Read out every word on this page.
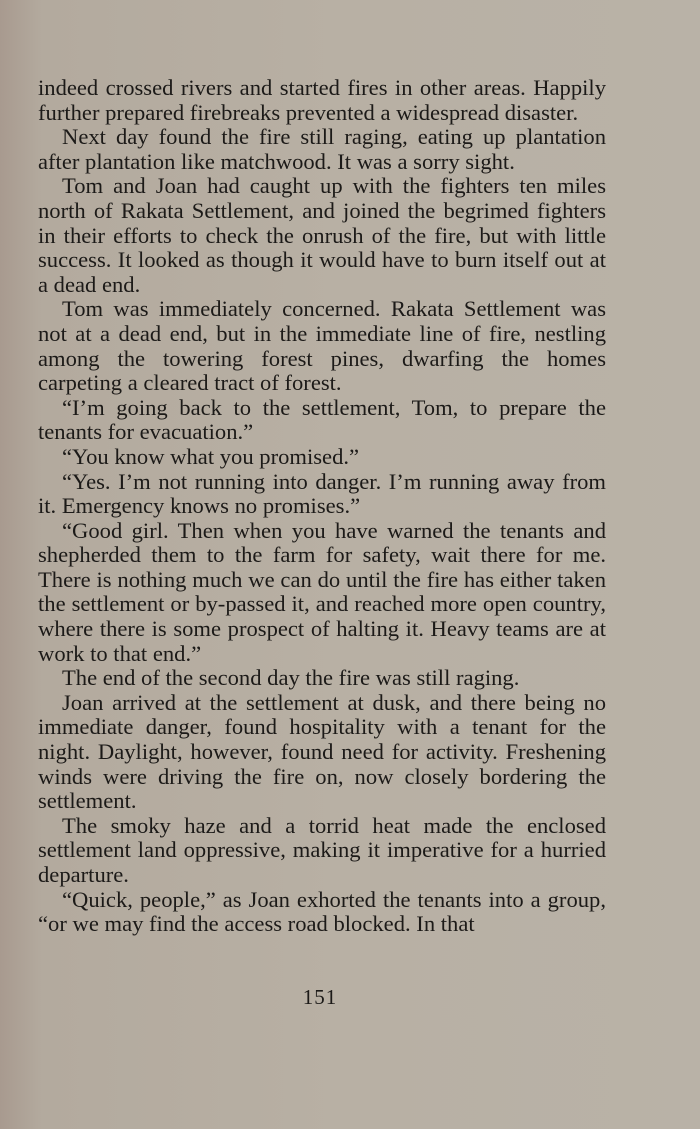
indeed crossed rivers and started fires in other areas. Happily further prepared firebreaks prevented a widespread disaster.

Next day found the fire still raging, eating up plantation after plantation like matchwood. It was a sorry sight.

Tom and Joan had caught up with the fighters ten miles north of Rakata Settlement, and joined the begrimed fighters in their efforts to check the onrush of the fire, but with little success. It looked as though it would have to burn itself out at a dead end.

Tom was immediately concerned. Rakata Settlement was not at a dead end, but in the immediate line of fire, nestling among the towering forest pines, dwarfing the homes carpeting a cleared tract of forest.

“I’m going back to the settlement, Tom, to prepare the tenants for evacuation.”

“You know what you promised.”

“Yes. I’m not running into danger. I’m running away from it. Emergency knows no promises.”

“Good girl. Then when you have warned the tenants and shepherded them to the farm for safety, wait there for me. There is nothing much we can do until the fire has either taken the settlement or by-passed it, and reached more open country, where there is some prospect of halting it. Heavy teams are at work to that end.”

The end of the second day the fire was still raging.

Joan arrived at the settlement at dusk, and there being no immediate danger, found hospitality with a tenant for the night. Daylight, however, found need for activity. Freshening winds were driving the fire on, now closely bordering the settlement.

The smoky haze and a torrid heat made the enclosed settlement land oppressive, making it imperative for a hurried departure.

“Quick, people,” as Joan exhorted the tenants into a group, “or we may find the access road blocked. In that

151
